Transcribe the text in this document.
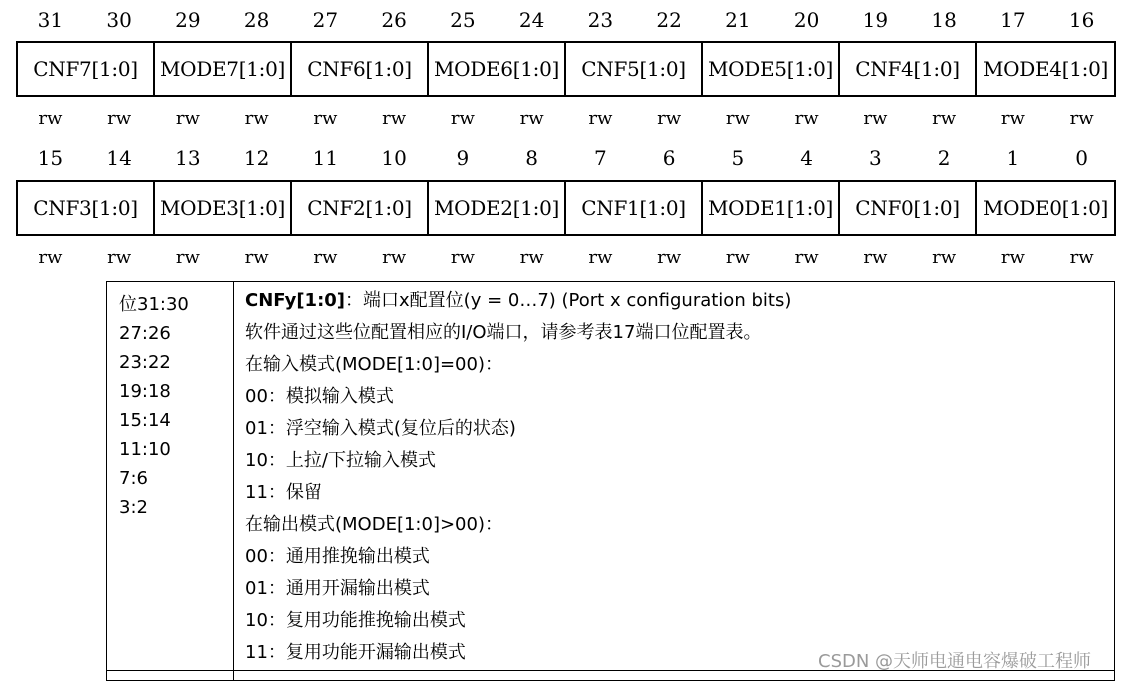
31	30	29	28	27	26	25	24	23	22	21	20	19	18	17	16
CNF7[1:0]	MODE7[1:0]	CNF6[1:0]	MODE6[1:0]	CNF5[1:0]	MODE5[1:0]	CNF4[1:0]	MODE4[1:0]
rw	rw	rw	rw	rw	rw	rw	rw	rw	rw	rw	rw	rw	rw	rw	rw
15	14	13	12	11	10	9	8	7	6	5	4	3	2	1	0
CNF3[1:0]	MODE3[1:0]	CNF2[1:0]	MODE2[1:0]	CNF1[1:0]	MODE1[1:0]	CNF0[1:0]	MODE0[1:0]
rw	rw	rw	rw	rw	rw	rw	rw	rw	rw	rw	rw	rw	rw	rw	rw
位31:30
27:26
23:22
19:18
15:14
11:10
7:6
3:2
CNFy[1:0]：端口x配置位(y = 0…7) (Port x configuration bits)
软件通过这些位配置相应的I/O端口，请参考表17端口位配置表。
在输入模式(MODE[1:0]=00)：
00：模拟输入模式
01：浮空输入模式(复位后的状态)
10：上拉/下拉输入模式
11：保留
在输出模式(MODE[1:0]>00)：
00：通用推挽输出模式
01：通用开漏输出模式
10：复用功能推挽输出模式
11：复用功能开漏输出模式	CSDN @天师电通电容爆破工程师
